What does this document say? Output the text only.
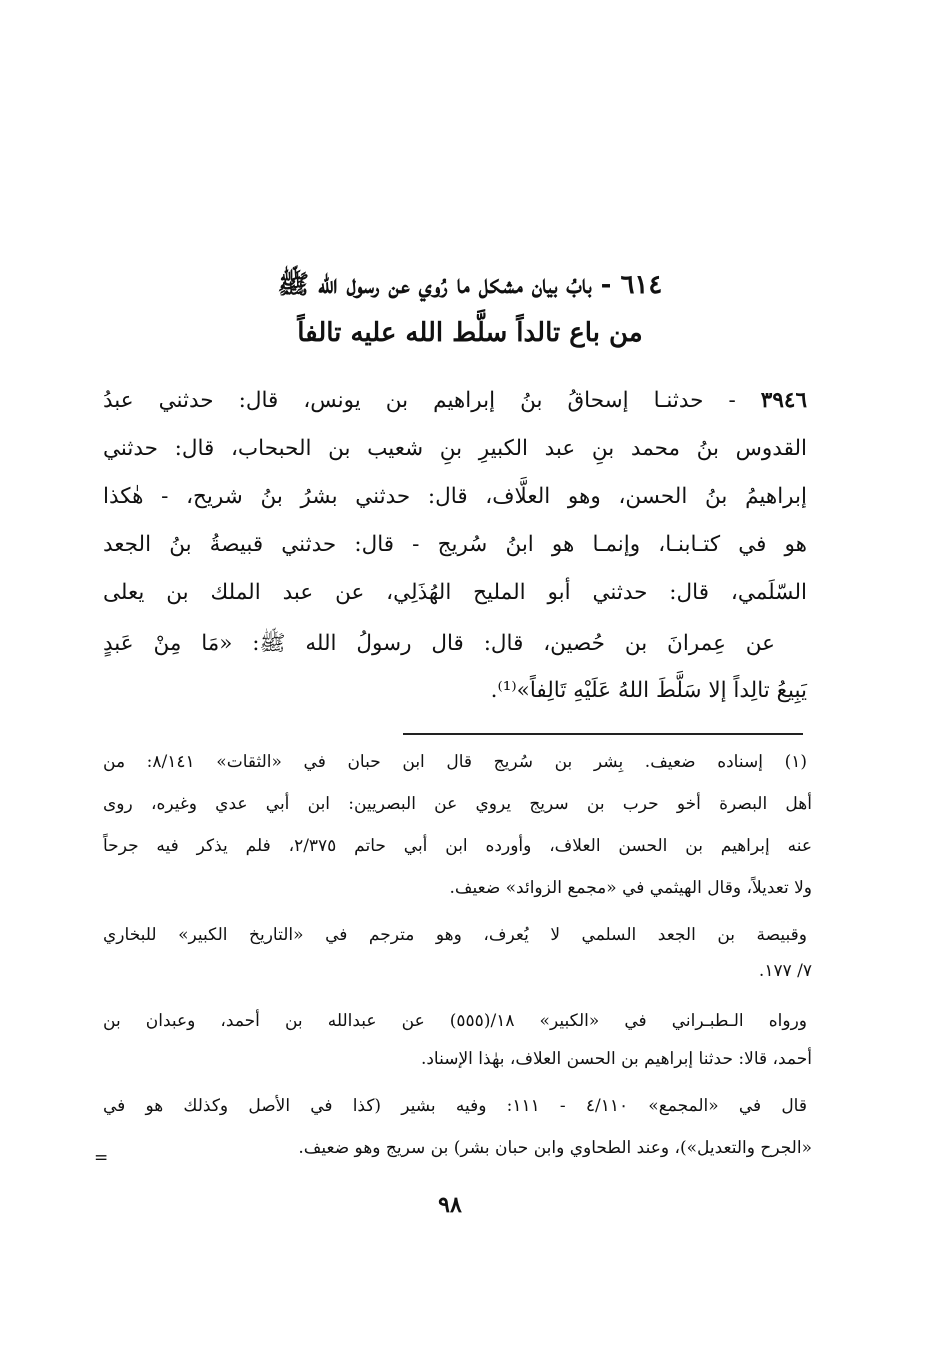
٦١٤ - بابُ بيان مشكل ما رُوي عن رسول الله ﷺ
من باع تالداً سلَّط الله عليه تالفاً
٣٩٤٦ - حدثنـا إسحاقُ بنُ إبراهيم بن يونس، قال: حدثني عبدُ
القدوس بنُ محمد بنِ عبد الكبيرِ بنِ شعيب بن الحبحاب، قال: حدثني
إبراهيمُ بنُ الحسن، وهو العلَّاف، قال: حدثني بشرُ بنُ شريح، - هٰكذا
هو في كتـابنـا، وإنمـا هو ابنُ سُريج - قال: حدثني قبيصةُ بنُ الجعد
السّلَمي، قال: حدثني أبو المليح الهُذَلِي، عن عبد الملك بن يعلى
عن عِمرانَ بن حُصين، قال: قال رسولُ الله ﷺ: «مَا مِنْ عَبدٍ
يَبِيعُ تالِداً إلا سَلَّطَ اللهُ عَلَيْهِ تَالِفاً»⁽¹⁾.
(١) إسناده ضعيف. بِشر بن سُريج قال ابن حبان في «الثقات» ٨/١٤١: من
أهل البصرة أخو حرب بن سريج يروي عن البصريين: ابن أبي عدي وغيره، روى
عنه إبراهيم بن الحسن العلاف، وأورده ابن أبي حاتم ٢/٣٧٥، فلم يذكر فيه جرحاً
ولا تعديلاً، وقال الهيثمي في «مجمع الزوائد» ضعيف.
وقبيصة بن الجعد السلمي لا يُعرف، وهو مترجم في «التاريخ الكبير» للبخاري
٧/ ١٧٧.
ورواه الـطبـراني في «الكبير» ١٨/(٥٥٥) عن عبدالله بن أحمد، وعبدان بن
أحمد، قالا: حدثنا إبراهيم بن الحسن العلاف، بهٰذا الإسناد.
قال في «المجمع» ٤/١١٠ - ١١١: وفيه بشير (كذا في الأصل وكذلك هو في
«الجرح والتعديل»)، وعند الطحاوي وابن حبان بشر) بن سريج وهو ضعيف.
=
٩٨
